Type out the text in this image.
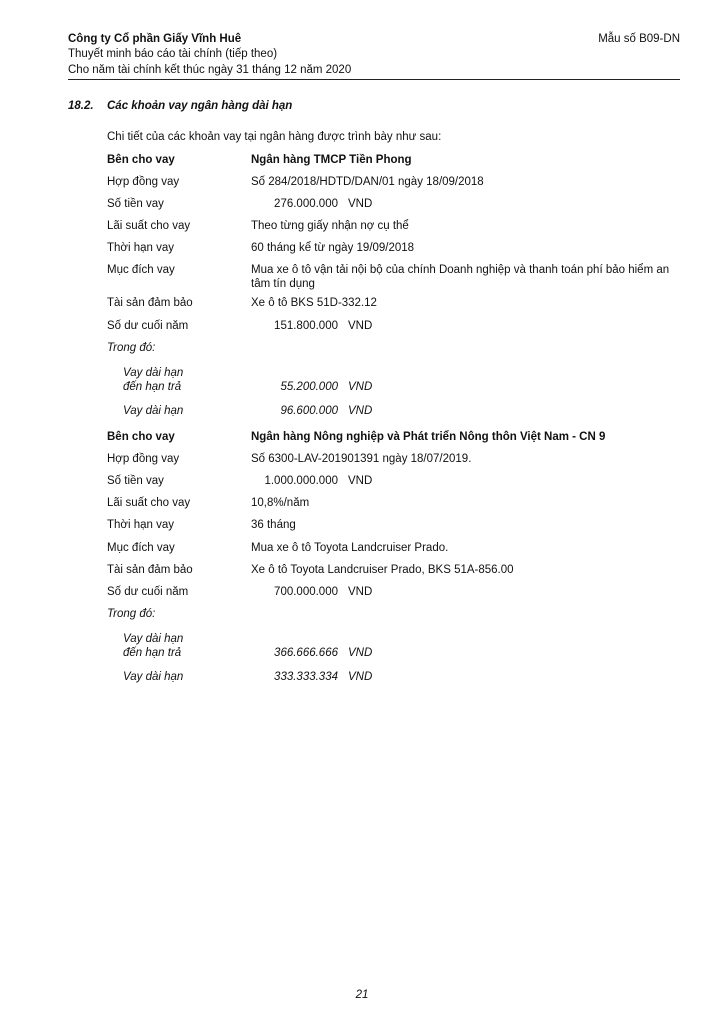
Công ty Cổ phần Giấy Vĩnh Huê
Thuyết minh báo cáo tài chính (tiếp theo)
Cho năm tài chính kết thúc ngày 31 tháng 12 năm 2020
Mẫu số B09-DN
18.2. Các khoản vay ngân hàng dài hạn
Chi tiết của các khoản vay tại ngân hàng được trình bày như sau:
Bên cho vay	Ngân hàng TMCP Tiền Phong
Hợp đồng vay	Số 284/2018/HDTD/DAN/01 ngày 18/09/2018
Số tiền vay	276.000.000 VND
Lãi suất cho vay	Theo từng giấy nhận nợ cụ thể
Thời hạn vay	60 tháng kể từ ngày 19/09/2018
Mục đích vay	Mua xe ô tô vận tải nội bộ của chính Doanh nghiệp và thanh toán phí bảo hiểm an tâm tín dụng
Tài sản đảm bảo	Xe ô tô BKS 51D-332.12
Số dư cuối năm	151.800.000 VND
Trong đó:
Vay dài hạn
đến hạn trả	55.200.000 VND
Vay dài hạn	96.600.000 VND
Bên cho vay	Ngân hàng Nông nghiệp và Phát triển Nông thôn Việt Nam - CN 9
Hợp đồng vay	Số 6300-LAV-201901391 ngày 18/07/2019.
Số tiền vay	1.000.000.000 VND
Lãi suất cho vay	10,8%/năm
Thời hạn vay	36 tháng
Mục đích vay	Mua xe ô tô Toyota Landcruiser Prado.
Tài sản đảm bảo	Xe ô tô Toyota Landcruiser Prado, BKS 51A-856.00
Số dư cuối năm	700.000.000 VND
Trong đó:
Vay dài hạn
đến hạn trả	366.666.666 VND
Vay dài hạn	333.333.334 VND
21
